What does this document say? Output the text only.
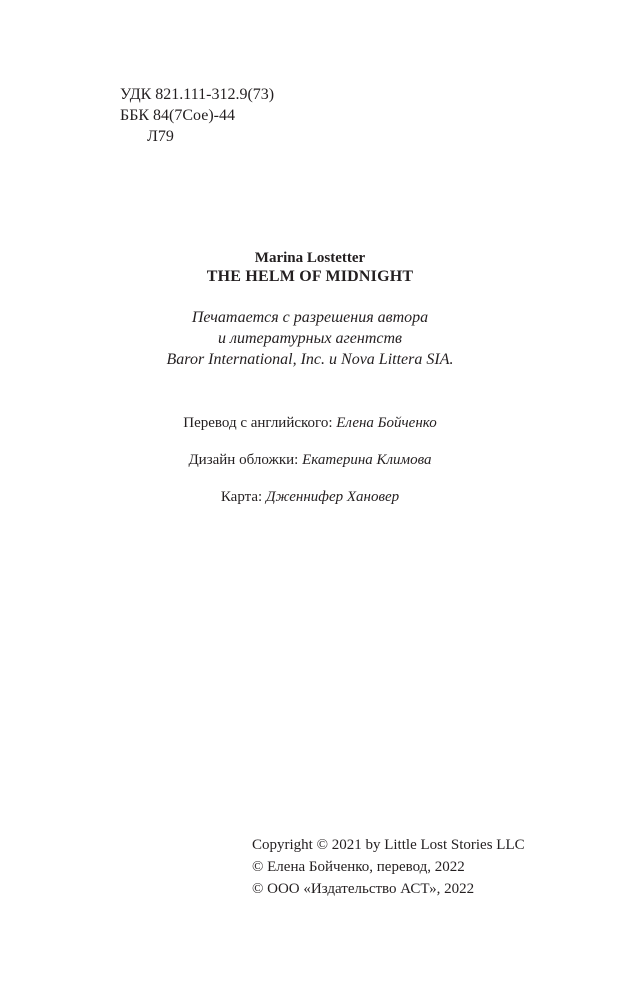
УДК 821.111-312.9(73)
ББК 84(7Сое)-44
Л79
Marina Lostetter
THE HELM OF MIDNIGHT
Печатается с разрешения автора
и литературных агентств
Baror International, Inc. и Nova Littera SIA.
Перевод с английского: Елена Бойченко
Дизайн обложки: Екатерина Климова
Карта: Дженнифер Хановер
Copyright © 2021 by Little Lost Stories LLC
© Елена Бойченко, перевод, 2022
© ООО «Издательство АСТ», 2022
